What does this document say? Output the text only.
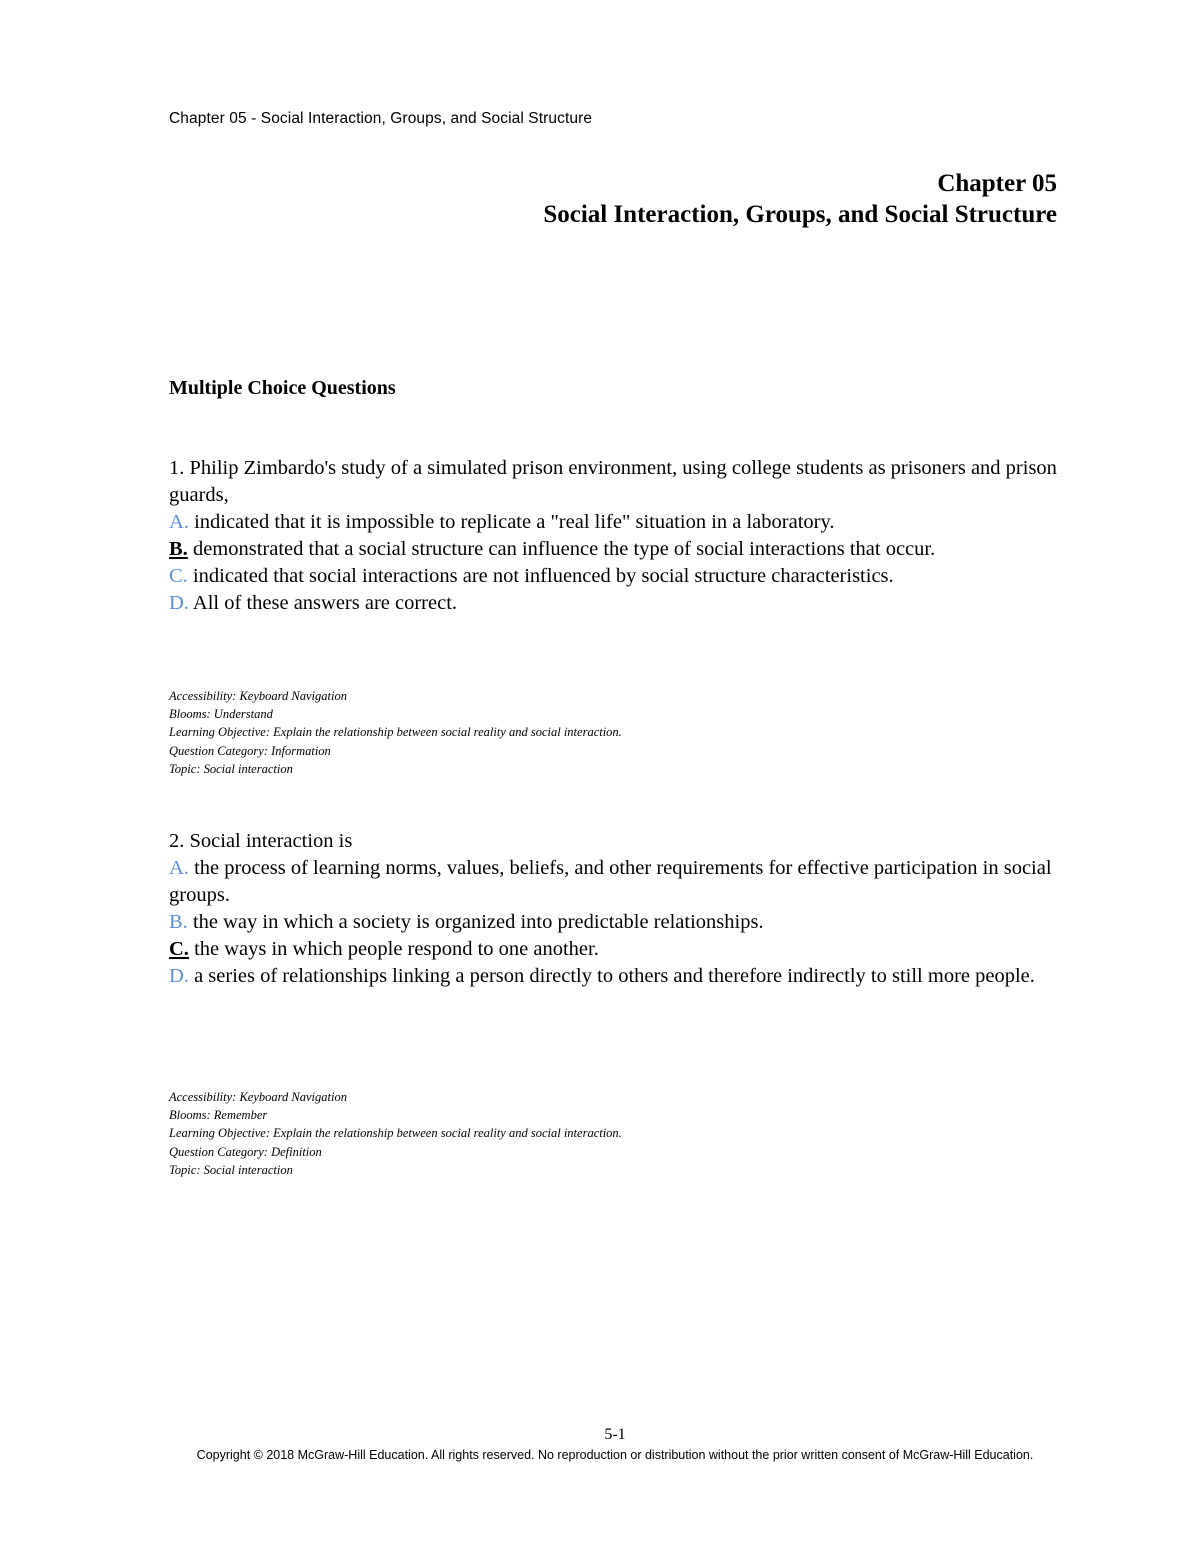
Chapter 05 - Social Interaction, Groups, and Social Structure
Chapter 05
Social Interaction, Groups, and Social Structure
Multiple Choice Questions

1. Philip Zimbardo's study of a simulated prison environment, using college students as prisoners and prison guards,

A. indicated that it is impossible to replicate a "real life" situation in a laboratory.

B. demonstrated that a social structure can influence the type of social interactions that occur.

C. indicated that social interactions are not influenced by social structure characteristics.

D. All of these answers are correct.

Accessibility: Keyboard Navigation
Blooms: Understand
Learning Objective: Explain the relationship between social reality and social interaction.
Question Category: Information
Topic: Social interaction

2. Social interaction is

A. the process of learning norms, values, beliefs, and other requirements for effective participation in social groups.

B. the way in which a society is organized into predictable relationships.

C. the ways in which people respond to one another.

D. a series of relationships linking a person directly to others and therefore indirectly to still more people.

Accessibility: Keyboard Navigation
Blooms: Remember
Learning Objective: Explain the relationship between social reality and social interaction.
Question Category: Definition
Topic: Social interaction
5-1
Copyright © 2018 McGraw-Hill Education. All rights reserved. No reproduction or distribution without the prior written consent of McGraw-Hill Education.
